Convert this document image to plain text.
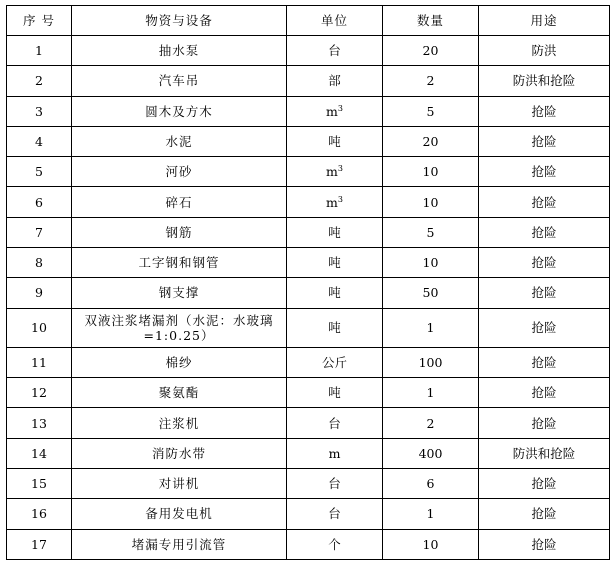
序 号	物资与设备	单位	数量	用途
1	抽水泵	台	20	防洪
2	汽车吊	部	2	防洪和抢险
3	圆木及方木	$m^3$	5	抢险
4	水泥	吨	20	抢险
5	河砂	$m^3$	10	抢险
6	碎石	$m^3$	10	抢险
7	钢筋	吨	5	抢险
8	工字钢和钢管	吨	10	抢险
9	钢支撑	吨	50	抢险
10	双液注浆堵漏剂（水泥：水玻璃=1:0.25）	吨	1	抢险
11	棉纱	公斤	100	抢险
12	聚氨酯	吨	1	抢险
13	注浆机	台	2	抢险
14	消防水带	m	400	防洪和抢险
15	对讲机	台	6	抢险
16	备用发电机	台	1	抢险
17	堵漏专用引流管	个	10	抢险
